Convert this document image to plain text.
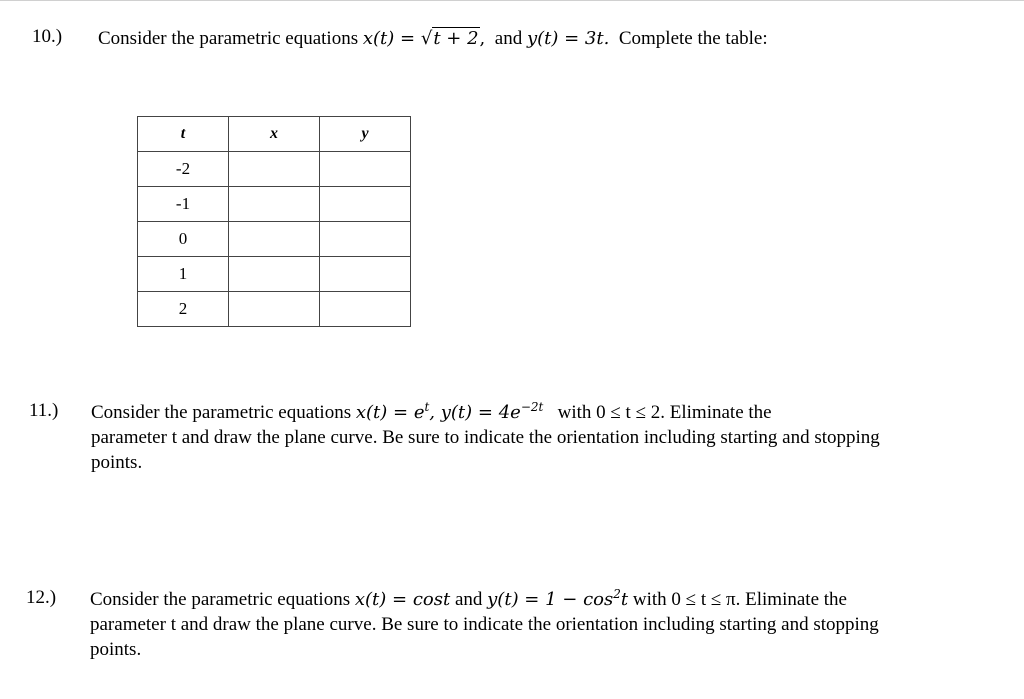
10.) Consider the parametric equations x(t) = √t + 2, and y(t) = 3t. Complete the table:
t	x	y
-2		
-1		
0		
1		
2		
11.) Consider the parametric equations $x(t) = e^t$, $y(t) = 4e^{-2t}$ with 0 ≤ t ≤ 2. Eliminate the
parameter t and draw the plane curve. Be sure to indicate the orientation including starting and stopping
points.
12.) Consider the parametric equations x(t) = cost and $y(t) = 1 - \cos^2t$ with 0 ≤ t ≤ π. Eliminate the
parameter t and draw the plane curve. Be sure to indicate the orientation including starting and stopping
points.
